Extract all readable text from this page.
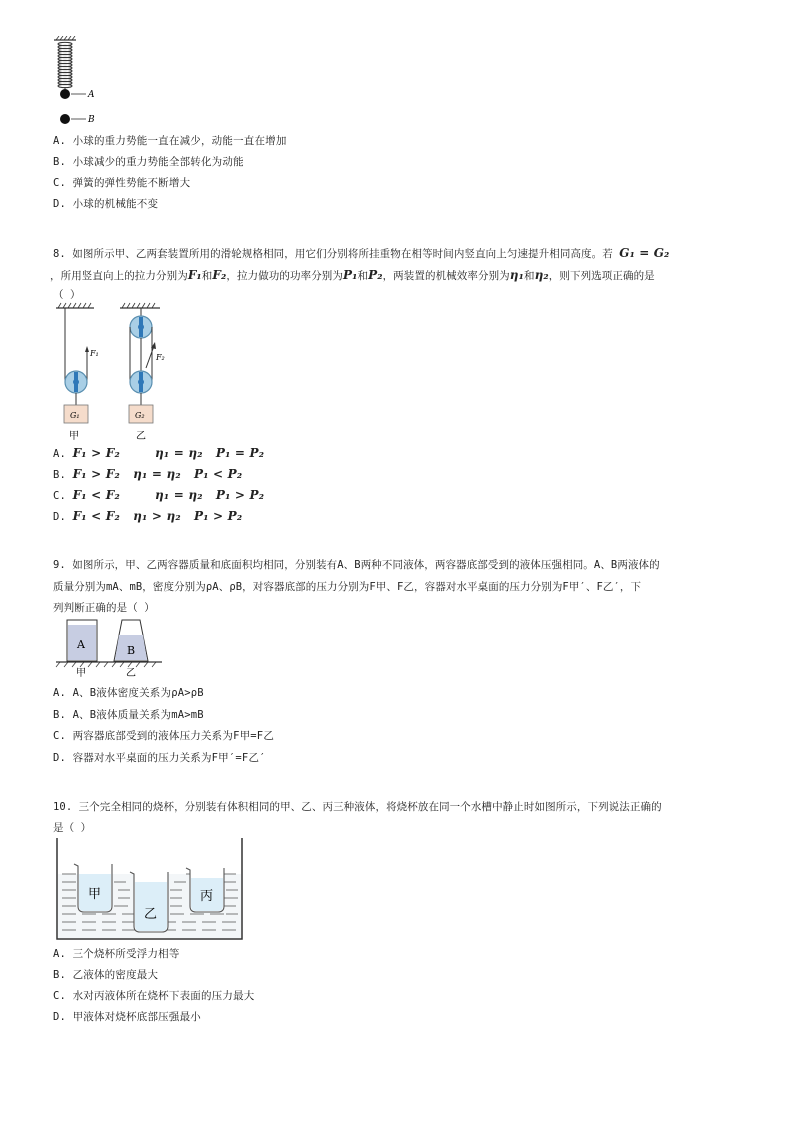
A
B
A. 小球的重力势能一直在减少，动能一直在增加
B. 小球减少的重力势能全部转化为动能
C. 弹簧的弹性势能不断增大
D. 小球的机械能不变
8. 如图所示甲、乙两套装置所用的滑轮规格相同，用它们分别将所挂重物在相等时间内竖直向上匀速提升相同高度。若 G₁ = G₂
，所用竖直向上的拉力分别为F₁和F₂，拉力做功的功率分别为P₁和P₂，两装置的机械效率分别为η₁和η₂，则下列选项正确的是
（ ）
F₁
G₁
甲
F₂
G₂
乙
A. F₁ > F₂        η₁ = η₂   P₁ = P₂
B. F₁ > F₂   η₁ = η₂   P₁ < P₂
C. F₁ < F₂        η₁ = η₂   P₁ > P₂
D. F₁ < F₂   η₁ > η₂   P₁ > P₂
9. 如图所示，甲、乙两容器质量和底面积均相同，分别装有A、B两种不同液体，两容器底部受到的液体压强相同。A、B两液体的
质量分别为mA、mB，密度分别为ρA、ρB，对容器底部的压力分别为F甲、F乙，容器对水平桌面的压力分别为F甲′、F乙′，下
列判断正确的是（ ）
A	B
甲	乙
A. A、B液体密度关系为ρA>ρB
B. A、B液体质量关系为mA>mB
C. 两容器底部受到的液体压力关系为F甲=F乙
D. 容器对水平桌面的压力关系为F甲′=F乙′
10. 三个完全相同的烧杯，分别装有体积相同的甲、乙、丙三种液体，将烧杯放在同一个水槽中静止时如图所示，下列说法正确的
是（ ）
甲
乙
丙
A. 三个烧杯所受浮力相等
B. 乙液体的密度最大
C. 水对丙液体所在烧杯下表面的压力最大
D. 甲液体对烧杯底部压强最小
